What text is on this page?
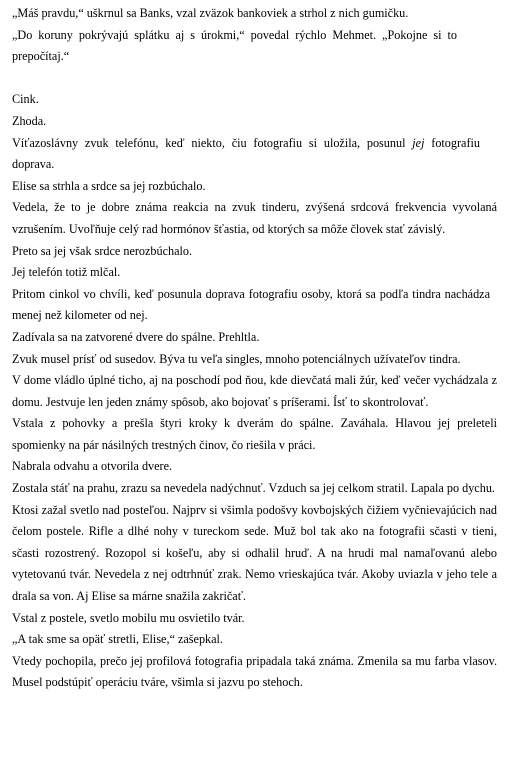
„Máš pravdu,“ uškrnul sa Banks, vzal zväzok bankoviek a strhol z nich gumičku.

„Do koruny pokrývajú splátku aj s úrokmi,“ povedal rýchlo Mehmet. „Pokojne si to prepočítaj.“

Cink.

Zhoda.

Víťazoslávny zvuk telefónu, keď niekto, čiu fotografiu si uložila, posunul jej fotografiu doprava.

Elise sa strhla a srdce sa jej rozbúchalo.

Vedela, že to je dobre známa reakcia na zvuk tinderu, zvýšená srdcová frekvencia vyvolaná vzrušením. Uvoľňuje celý rad hormónov šťastia, od ktorých sa môže človek stať závislý.

Preto sa jej však srdce nerozbúchalo.

Jej telefón totiž mlčal.

Pritom cinkol vo chvíli, keď posunula doprava fotografiu osoby, ktorá sa podľa tindra nachádza menej než kilometer od nej.

Zadívala sa na zatvorené dvere do spálne. Prehltla.

Zvuk musel prísť od susedov. Býva tu veľa singles, mnoho potenciálnych užívateľov tindra.

V dome vládlo úplné ticho, aj na poschodí pod ňou, kde dievčatá mali žúr, keď večer vychádzala z domu. Jestvuje len jeden známy spôsob, ako bojovať s príšerami. Ísť to skontrolovať.

Vstala z pohovky a prešla štyri kroky k dverám do spálne. Zaváhala. Hlavou jej preleteli spomienky na pár násilných trestných činov, čo riešila v práci.

Nabrala odvahu a otvorila dvere.

Zostala stáť na prahu, zrazu sa nevedela nadýchnuť. Vzduch sa jej celkom stratil. Lapala po dychu.

Ktosi zažal svetlo nad posteľou. Najprv si všimla podošvy kovbojských čižiem vyčnievajúcich nad čelom postele. Rifle a dlhé nohy v tureckom sede. Muž bol tak ako na fotografii sčasti v tieni, sčasti rozostrený. Rozopol si košeľu, aby si odhalil hruď. A na hrudi mal namaľovanú alebo vytetovanú tvár. Nevedela z nej odtrhnúť zrak. Nemo vrieskajúca tvár. Akoby uviazla v jeho tele a drala sa von. Aj Elise sa márne snažila zakričať.

Vstal z postele, svetlo mobilu mu osvietilo tvár.

„A tak sme sa opäť stretli, Elise,“ zašepkal.

Vtedy pochopila, prečo jej profilová fotografia pripadala taká známa. Zmenila sa mu farba vlasov. Musel podstúpiť operáciu tváre, všimla si jazvu po stehoch.
